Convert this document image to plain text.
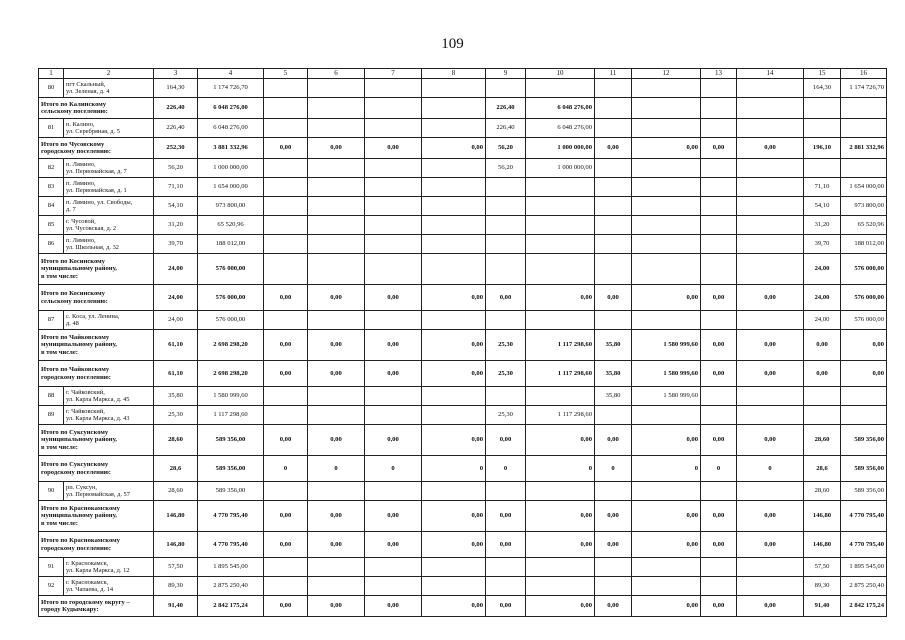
109
1	2	3	4	5	6	7	8	9	10	11	12	13	14	15	16
80	пгт Скальный,
ул. Зеленая, д. 4	164,30	1 174 726,70											164,30	1 174 726,70
Итого по Калинскому
сельскому поселению:		226,40	6 048 276,00					226,40	6 048 276,00						
81	п. Калино,
ул. Серебряная, д. 5	226,40	6 048 276,00					226,40	6 048 276,00						
Итого по Чусовскому
городскому поселению:		252,30	3 881 332,96	0,00	0,00	0,00	0,00	56,20	1 000 000,00	0,00	0,00	0,00	0,00	196,10	2 881 332,96
82	п. Лямино,
ул. Первомайская, д. 7	56,20	1 000 000,00					56,20	1 000 000,00						
83	п. Лямино,
ул. Первомайская, д. 1	71,10	1 654 000,00											71,10	1 654 000,00
84	п. Лямино, ул. Свободы,
д. 7	54,10	973 800,00											54,10	973 800,00
85	г. Чусовой,
ул. Чусовская, д. 2	31,20	65 520,96											31,20	65 520,96
86	п. Лямино,
ул. Школьная, д. 32	39,70	188 012,00											39,70	188 012,00
Итого по Косинскому
муниципальному району,
в том числе:		24,00	576 000,00											24,00	576 000,00
Итого по Косинскому
сельскому поселению:		24,00	576 000,00	0,00	0,00	0,00	0,00	0,00	0,00	0,00	0,00	0,00	0,00	24,00	576 000,00
87	с. Коса, ул. Ленина,
д. 48	24,00	576 000,00											24,00	576 000,00
Итого по Чайковскому
муниципальному району,
в том числе:		61,10	2 698 298,20	0,00	0,00	0,00	0,00	25,30	1 117 298,60	35,80	1 580 999,60	0,00	0,00	0,00	0,00
Итого по Чайковскому
городскому поселению:		61,10	2 698 298,20	0,00	0,00	0,00	0,00	25,30	1 117 298,60	35,80	1 580 999,60	0,00	0,00	0,00	0,00
88	г. Чайковский,
ул. Карла Маркса, д. 45	35,80	1 580 999,60							35,80	1 580 999,60				
89	г. Чайковский,
ул. Карла Маркса, д. 43	25,30	1 117 298,60					25,30	1 117 298,60						
Итого по Суксунскому
муниципальному району,
в том числе:		28,60	589 356,00	0,00	0,00	0,00	0,00	0,00	0,00	0,00	0,00	0,00	0,00	28,60	589 356,00
Итого по Суксунскому
городскому поселению:		28,6	589 356,00	0	0	0	0	0	0	0	0	0	0	28,6	589 356,00
90	рп. Суксун,
ул. Первомайская, д. 57	28,60	589 356,00											28,60	589 356,00
Итого по Краснокамскому
муниципальному району,
в том числе:		146,80	4 770 795,40	0,00	0,00	0,00	0,00	0,00	0,00	0,00	0,00	0,00	0,00	146,80	4 770 795,40
Итого по Краснокамскому
городскому поселению:		146,80	4 770 795,40	0,00	0,00	0,00	0,00	0,00	0,00	0,00	0,00	0,00	0,00	146,80	4 770 795,40
91	г. Краснокамск,
ул. Карла Маркса, д. 12	57,50	1 895 545,00											57,50	1 895 545,00
92	г. Краснокамск,
ул. Чапаева, д. 14	89,30	2 875 250,40											89,30	2 875 250,40
Итого по городскому округу –
городу Кудымкару:		91,40	2 842 175,24	0,00	0,00	0,00	0,00	0,00	0,00	0,00	0,00	0,00	0,00	91,40	2 842 175,24
